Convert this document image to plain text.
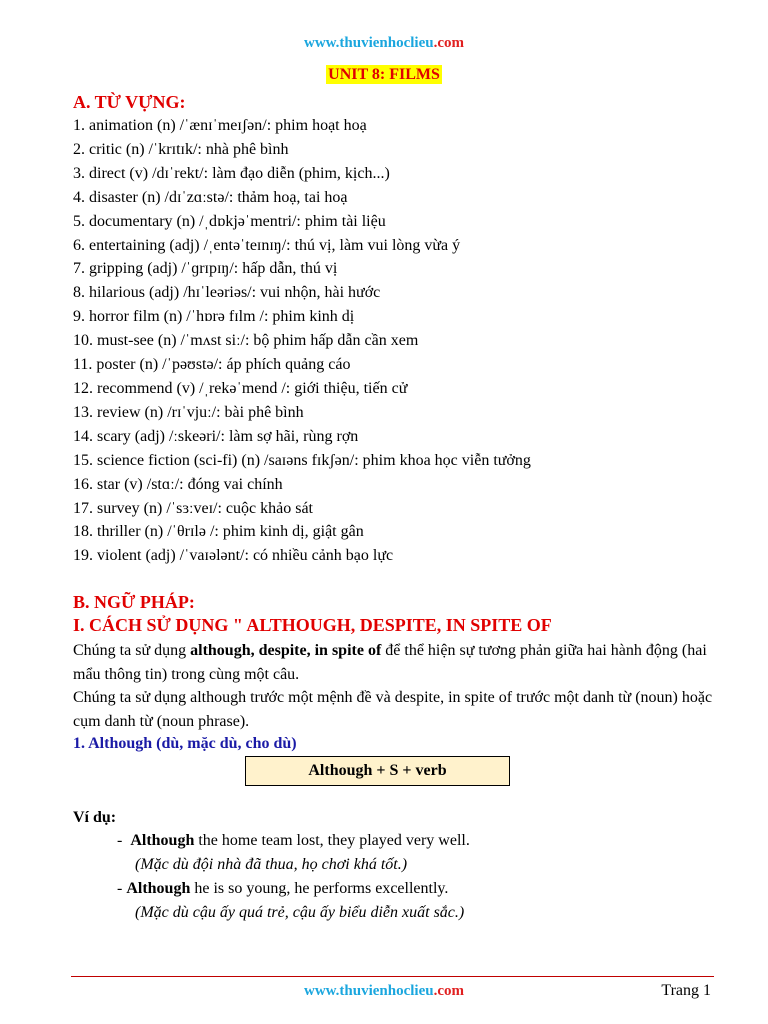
www.thuvienhoclieu.com
UNIT 8: FILMS
A. TỪ VỰNG:
1. animation (n) /ˈænɪˈmeɪʃən/: phim hoạt hoạ
2. critic (n) /ˈkrɪtɪk/: nhà phê bình
3. direct (v) /dɪˈrekt/: làm đạo diễn (phim, kịch...)
4. disaster (n) /dɪˈzɑːstə/: thảm hoạ, tai hoạ
5. documentary (n) /ˌdɒkjəˈmentri/: phim tài liệu
6. entertaining (adj) /ˌentəˈteɪnɪŋ/: thú vị, làm vui lòng vừa ý
7. gripping (adj) /ˈɡrɪpɪŋ/: hấp dẫn, thú vị
8. hilarious (adj) /hɪˈleəriəs/: vui nhộn, hài hước
9. horror film (n) /ˈhɒrə fɪlm /: phim kinh dị
10. must-see (n) /ˈmʌst siː/: bộ phim hấp dẫn cần xem
11. poster (n) /ˈpəʊstə/: áp phích quảng cáo
12. recommend (v) /ˌrekəˈmend /: giới thiệu, tiến cử
13. review (n) /rɪˈvjuː/: bài phê bình
14. scary (adj) /ːskeəri/: làm sợ hãi, rùng rợn
15. science fiction (sci-fi) (n) /saɪəns fɪkʃən/: phim khoa học viễn tưởng
16. star (v) /stɑː/: đóng vai chính
17. survey (n) /ˈsɜːveɪ/: cuộc khảo sát
18. thriller (n) /ˈθrɪlə /: phim kinh dị, giật gân
19. violent (adj) /ˈvaɪələnt/: có nhiều cảnh bạo lực
B. NGỮ PHÁP:
I. CÁCH SỬ DỤNG " ALTHOUGH, DESPITE, IN SPITE OF
Chúng ta sử dụng although, despite, in spite of để thể hiện sự tương phản giữa hai hành động (hai mẩu thông tin) trong cùng một câu.
Chúng ta sử dụng although trước một mệnh đề và despite, in spite of trước một danh từ (noun) hoặc cụm danh từ (noun phrase).
1. Although (dù, mặc dù, cho dù)
Although + S + verb
Ví dụ:
-  Although the home team lost, they played very well.
(Mặc dù đội nhà đã thua, họ chơi khá tốt.)
- Although he is so young, he performs excellently.
(Mặc dù cậu ấy quá trẻ, cậu ấy biểu diễn xuất sắc.)
www.thuvienhoclieu.com	Trang 1
